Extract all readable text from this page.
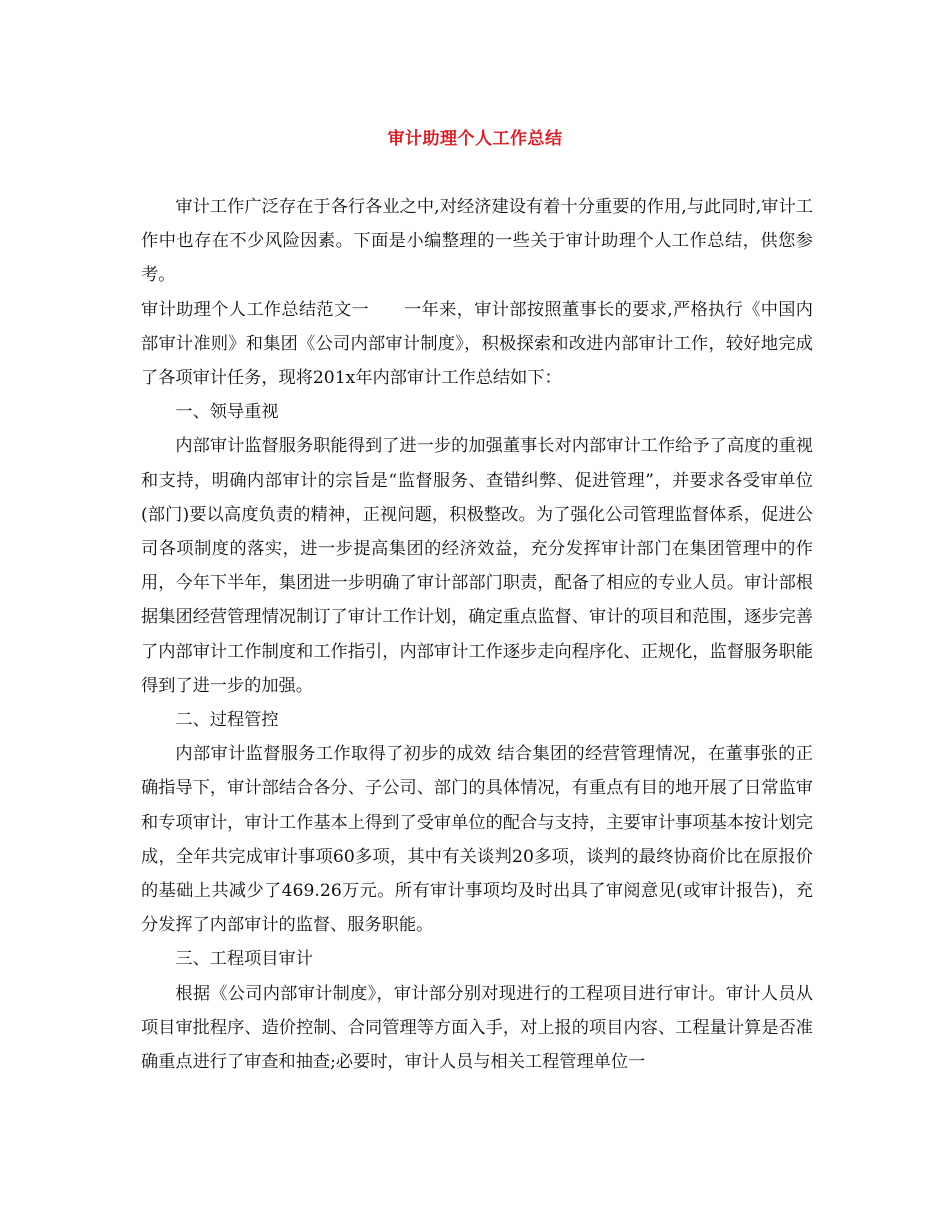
审计助理个人工作总结

审计工作广泛存在于各行各业之中,对经济建设有着十分重要的作用,与此同时,审计工作中也存在不少风险因素。下面是小编整理的一些关于审计助理个人工作总结，供您参考。

审计助理个人工作总结范文一　　一年来，审计部按照董事长的要求,严格执行《中国内部审计准则》和集团《公司内部审计制度》，积极探索和改进内部审计工作，较好地完成了各项审计任务，现将201x年内部审计工作总结如下：

一、领导重视

内部审计监督服务职能得到了进一步的加强董事长对内部审计工作给予了高度的重视和支持，明确内部审计的宗旨是“监督服务、查错纠弊、促进管理”，并要求各受审单位(部门)要以高度负责的精神，正视问题，积极整改。为了强化公司管理监督体系，促进公司各项制度的落实，进一步提高集团的经济效益，充分发挥审计部门在集团管理中的作用，今年下半年，集团进一步明确了审计部部门职责，配备了相应的专业人员。审计部根据集团经营管理情况制订了审计工作计划，确定重点监督、审计的项目和范围，逐步完善了内部审计工作制度和工作指引，内部审计工作逐步走向程序化、正规化，监督服务职能得到了进一步的加强。

二、过程管控

内部审计监督服务工作取得了初步的成效 结合集团的经营管理情况，在董事张的正确指导下，审计部结合各分、子公司、部门的具体情况，有重点有目的地开展了日常监审和专项审计，审计工作基本上得到了受审单位的配合与支持，主要审计事项基本按计划完成，全年共完成审计事项60多项，其中有关谈判20多项，谈判的最终协商价比在原报价的基础上共减少了469.26万元。所有审计事项均及时出具了审阅意见(或审计报告)，充分发挥了内部审计的监督、服务职能。

三、工程项目审计

根据《公司内部审计制度》，审计部分别对现进行的工程项目进行审计。审计人员从项目审批程序、造价控制、合同管理等方面入手，对上报的项目内容、工程量计算是否准确重点进行了审查和抽查;必要时，审计人员与相关工程管理单位一
